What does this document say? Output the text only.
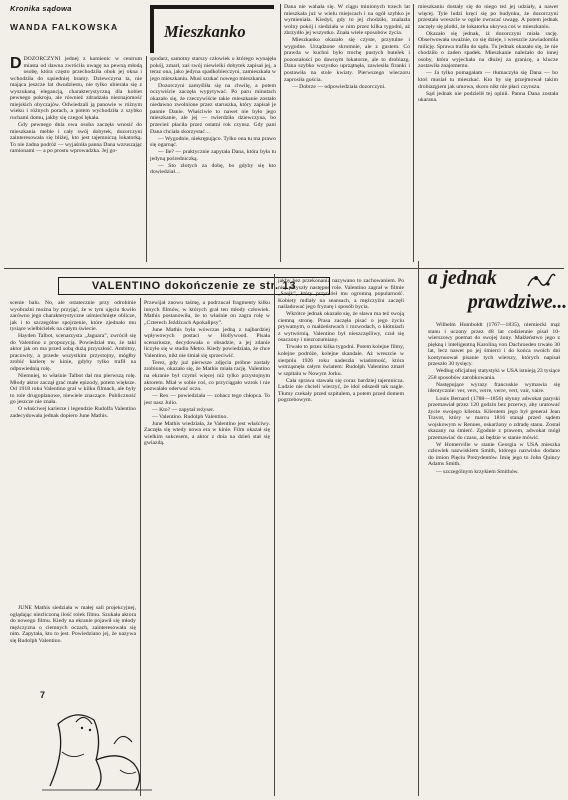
Kronika sądowa
WANDA FALKOWSKA	Mieszkanko

DDOZORCZYNI jednej z kamienic w centrum miasta od dawna zwróciła uwagę na pewną młodą osobę, która często przechodziła obok jej okna i wchodziła do sąsiedniej bramy. Dziewczyna ta, nie mająca jeszcze lat dwudziestu, nie tylko ubierała się z wyszukaną elegancją, charakterystyczną dla kobiet pewnego pokroju, ale również zdradzała nieznajomość miejskich obyczajów. Odwiedzali ją panowie w różnym wieku i różnych porach, a potem wychodziła z szybko ruchami domu, jakby się czegoś lękała.

Gdy pewnego dnia owa osoba zaczęła wnosić do mieszkania meble i cały swój dobytek, dozorczyni zainteresowała się bliżej, kto jest tajemniczą lokatorką. To nie żadna podróż — wyjaśniła panna Dana wzruszając ramionami — a po prostu wprowadzka. Jej go-

spodarz, samotny starszy człowiek u którego wynajęła pokój, zmarł, zaś swój niewielki dobytek zapisał jej, a teraz ona, jako jedyna spadkobierczyni, zamieszkała w jego mieszkaniu. Musi szukać nowego mieszkania.

Dozorczyni zamyśliła się na chwilę, a potem oczywiście zaczęła wypytywać. Po paru minutach okazało się, że rzeczywiście takie mieszkanie zostało niedawno zwolnione przez staruszka, który zapisał je pannie Danie. Właściwie to nawet nie było jego mieszkanie, ale jej — twierdziła dziewczyna, bo przecież płaciła przez ostatni rok czynsz. Gdy pani Dana chciała skorzystać…

— Wygodnie, niekrępująco. Tylko ona tu ma prawo się ogarnąć.

— Ile? — praktycznie zapytała Dana, która była tu jedyną pośredniczką.

— Sto złotych za dobę, bo gdyby się kto dowiedział…

Dana nie wahała się. W ciągu minionych trzech lat mieszkała już w wielu miejscach i na ogół szybko je wymieniała. Kiedyś, gdy to jej chodziło, znalazła wolny pokój i siedziała w nim przez kilka tygodni, aż zbrzydło jej wszystko. Znała wiele sposobów życia.

Mieszkanko okazało się czyste, przytulne i wygodne. Urządzone skromnie, ale z gustem. Co prawda w kuchni było trochę pustych butelek i pozostałości po dawnym lokatorze, ale to drobiazg. Dana szybko wszystko uprzątnęła, zawiesiła firanki i postawiła na stole kwiaty. Pierwszego wieczoru zaprosiła gościa.

— Dobrze — odpowiedziała dozorczyni.

mieszkaniu dostały się do niego też jej udziały, a nawet więcej. Tyle ludzi kręci się po budynku, że dozorczyni przestała wreszcie w ogóle zwracać uwagę. A potem jednak zaczęły się plotki, że lokatorka ukrywa coś w mieszkaniu.

Okazało się jednak, iż dozorczyni miała rację. Obserwowała uważnie, co się dzieje, i wreszcie zawiadomiła milicję. Sprawa trafiła do sądu. Tu jednak okazało się, że nie chodziło o żaden spadek. Mieszkanie należało do innej osoby, która wyjechała na dłużej za granicę, a klucze zostawiła znajomemu.

— Ja tylko pomagałam — tłumaczyła się Dana — bo ktoś musiał tu mieszkać. Kto by się przejmował takim drobiazgiem jak umowa, skoro nikt nie płaci czynszu.

Sąd jednak nie podzielił tej opinii. Panna Dana została ukarana.

VALENTINO dokończenie ze str. 13

scenie balu. No, ale ostatecznie przy odrobinie wyobraźni można by przyjąć, że w tym ujęciu tkwiło zarówno jego charakterystyczne uśmiechnięte oblicze, jak i to szczególne spojrzenie, które zjednało mu tysiące wielbicielek na całym świecie.

Hayden Talbot, scenarzysta „Jaguara”, zwrócił się do Valentino z propozycją. Powiedział mu, że taki aktor jak on ma przed sobą dużą przyszłość. Ambitny, pracowity, a przede wszystkim przystojny, mógłby zrobić karierę w kinie, gdyby tylko trafił na odpowiednią rolę.

Niemniej, to właśnie Talbot dał mu pierwszą rolę. Młody aktor zaczął grać małe epizody, potem większe. Od 1918 roku Valentino grał w kilku filmach, ale były to role drugoplanowe, niewiele znaczące. Publiczność go jeszcze nie znała.

O właściwej karierze i legendzie Rudolfa Valentino zadecydowała jednak dopiero June Mathis.

JUNE Mathis siedziała w małej sali projekcyjnej, oglądając niezliczoną ilość rolek filmu. Szukała aktora do nowego filmu. Kiedy na ekranie pojawił się młody mężczyzna o ciemnych oczach, zainteresowała się nim. Zapytała, kto to jest. Powiedziano jej, że nazywa się Rudolph Valentino.

Przewijał znowu taśmę, a podrzucał fragmenty kilku innych filmów, w których grał ten młody człowiek. Mathis postanowiła, że to właśnie on zagra rolę w „Czterech Jeźdźcach Apokalipsy”.

June Mathis była wówczas jedną z najbardziej wpływowych postaci w Hollywood. Pisała scenariusze, decydowała o obsadzie, a jej zdanie liczyło się w studiu Metro. Kiedy powiedziała, że chce Valentino, nikt nie śmiał się sprzeciwić.

Terez, gdy już pierwsze zdjęcia próbne zostały zrobione, okazało się, że Mathis miała rację. Valentino na ekranie był czymś więcej niż tylko przystojnym aktorem. Miał w sobie coś, co przyciągało wzrok i nie pozwalało oderwać oczu.

— Rex — powiedziała — zobacz tego chłopca. To jest nasz Julio.

— Kto? — zapytał reżyser.

— Valentino. Rudolph Valentino.

June Mathis wiedziała, że Valentino jest właściwy. Zaczęła się wtedy nowa era w kinie. Film okazał się wielkim sukcesem, a aktor z dnia na dzień stał się gwiazdą.

jakby bez przekonania nazywano to zachowaniem. Po niej przyszły następne role. Valentino zagrał w filmie „Szejk”, który przyniósł mu ogromną popularność. Kobiety mdlały na seansach, a mężczyźni zaczęli naśladować jego fryzurę i sposób bycia.

Wkrótce jednak okazało się, że sława ma też swoją ciemną stronę. Prasa zaczęła pisać o jego życiu prywatnym, o małżeństwach i rozwodach, o kłótniach z wytwórnią. Valentino był nieszczęśliwy, czuł się osaczony i niezrozumiany.

Trwało to przez kilka tygodni. Potem kolejne filmy, kolejne podróże, kolejne skandale. Aż wreszcie w sierpniu 1926 roku nadeszła wiadomość, która wstrząsnęła całym światem: Rudolph Valentino zmarł w szpitalu w Nowym Jorku.

Cała sprawa stawała się coraz bardziej tajemnicza. Ludzie nie chcieli wierzyć, że idol odszedł tak nagle. Tłumy czekały przed szpitalem, a potem przed domem pogrzebowym.

7
a jednak
prawdziwe...

Wilhelm Humboldt (1767—1835), niemiecki mąż stanu i uczony przez 48 lat codziennie pisał 10-wierszowy poemat do swojej żony. Małżeństwo jego z piękną i inteligentną Karoliną von Dachroeden trwało 30 lat, lecz nawet po jej śmierci i do końca swoich dni kontynuował pisanie tych wierszy, których napisał przeszło 30 tysięcy.

Według oficjalnej statystyki w USA istnieją 23 tysiące 258 sposobów zarobkowania.

Następujące wyrazy francuskie wymawia się identycznie: ver, vers, verre, verre, vert, vair, vaire.

Louis Bernard (1788—1856) słynny adwokat paryski przemawiał przez 120 godzin bez przerwy, aby uratować życie swojego klienta. Klientem jego był generał Jean Travot, który w marcu 1816 stanął przed sądem wojskowym w Rennes, oskarżony o zdradę stanu. Został skazany na śmierć. Zgodnie z prawem, adwokat mógł przemawiać do czasu, aż będzie w stanie mówić.

W Homerville w stanie Georgia w USA mieszka człowiek nazwiskiem Smith, którego nazwisko dodano do imion Pięciu Prezydentów. Imię jego to John Quincy Adams Smith.

— szczególnym krzykiem Smithów.
